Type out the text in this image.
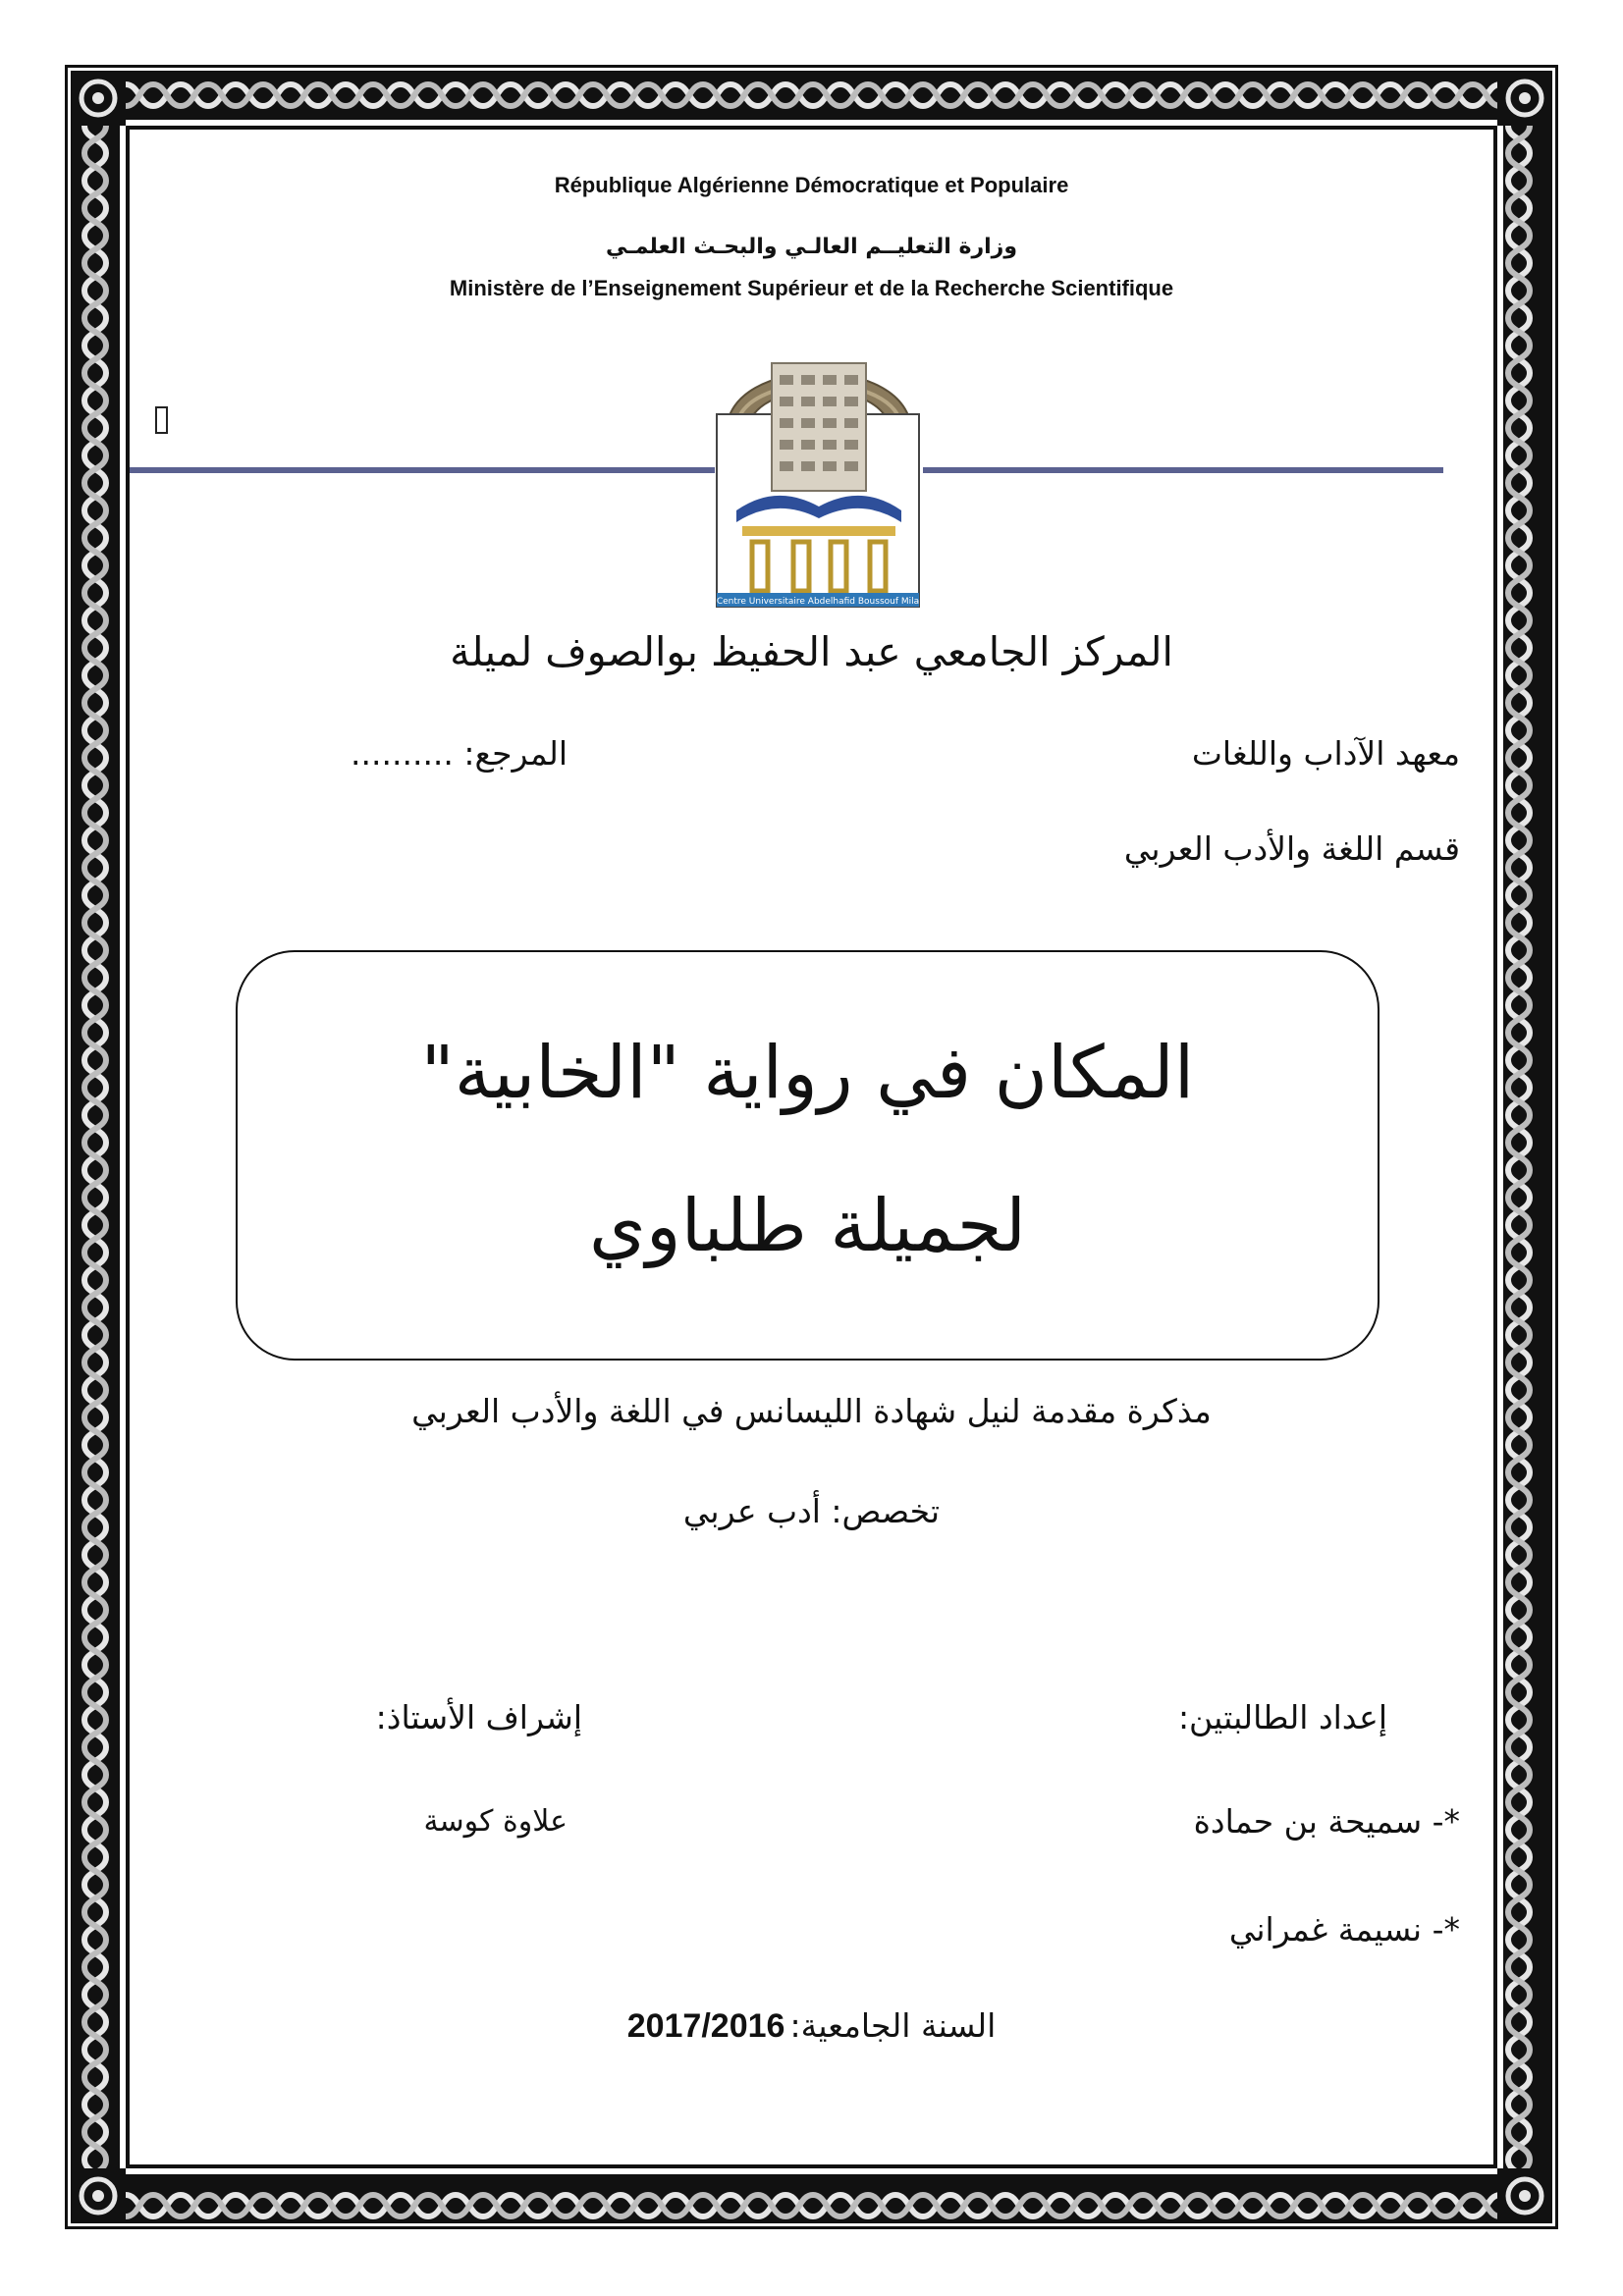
République Algérienne Démocratique et Populaire
وزارة التعليــم العالـي والبحـث العلمـي
Ministère de l’Enseignement Supérieur et de la Recherche Scientifique
Centre Universitaire Abdelhafid Boussouf Mila
المركز الجامعي عبد الحفيظ بوالصوف لميلة
معهد الآداب واللغات
المرجع: ..........
قسم اللغة والأدب العربي
المكان في رواية "الخابية"
لجميلة طلباوي
مذكرة مقدمة لنيل شهادة الليسانس في اللغة والأدب العربي
تخصص: أدب عربي
إعداد الطالبتين:
إشراف الأستاذ:
*- سميحة بن حمادة
علاوة كوسة
*- نسيمة غمراني
السنة الجامعية: 2017/2016
